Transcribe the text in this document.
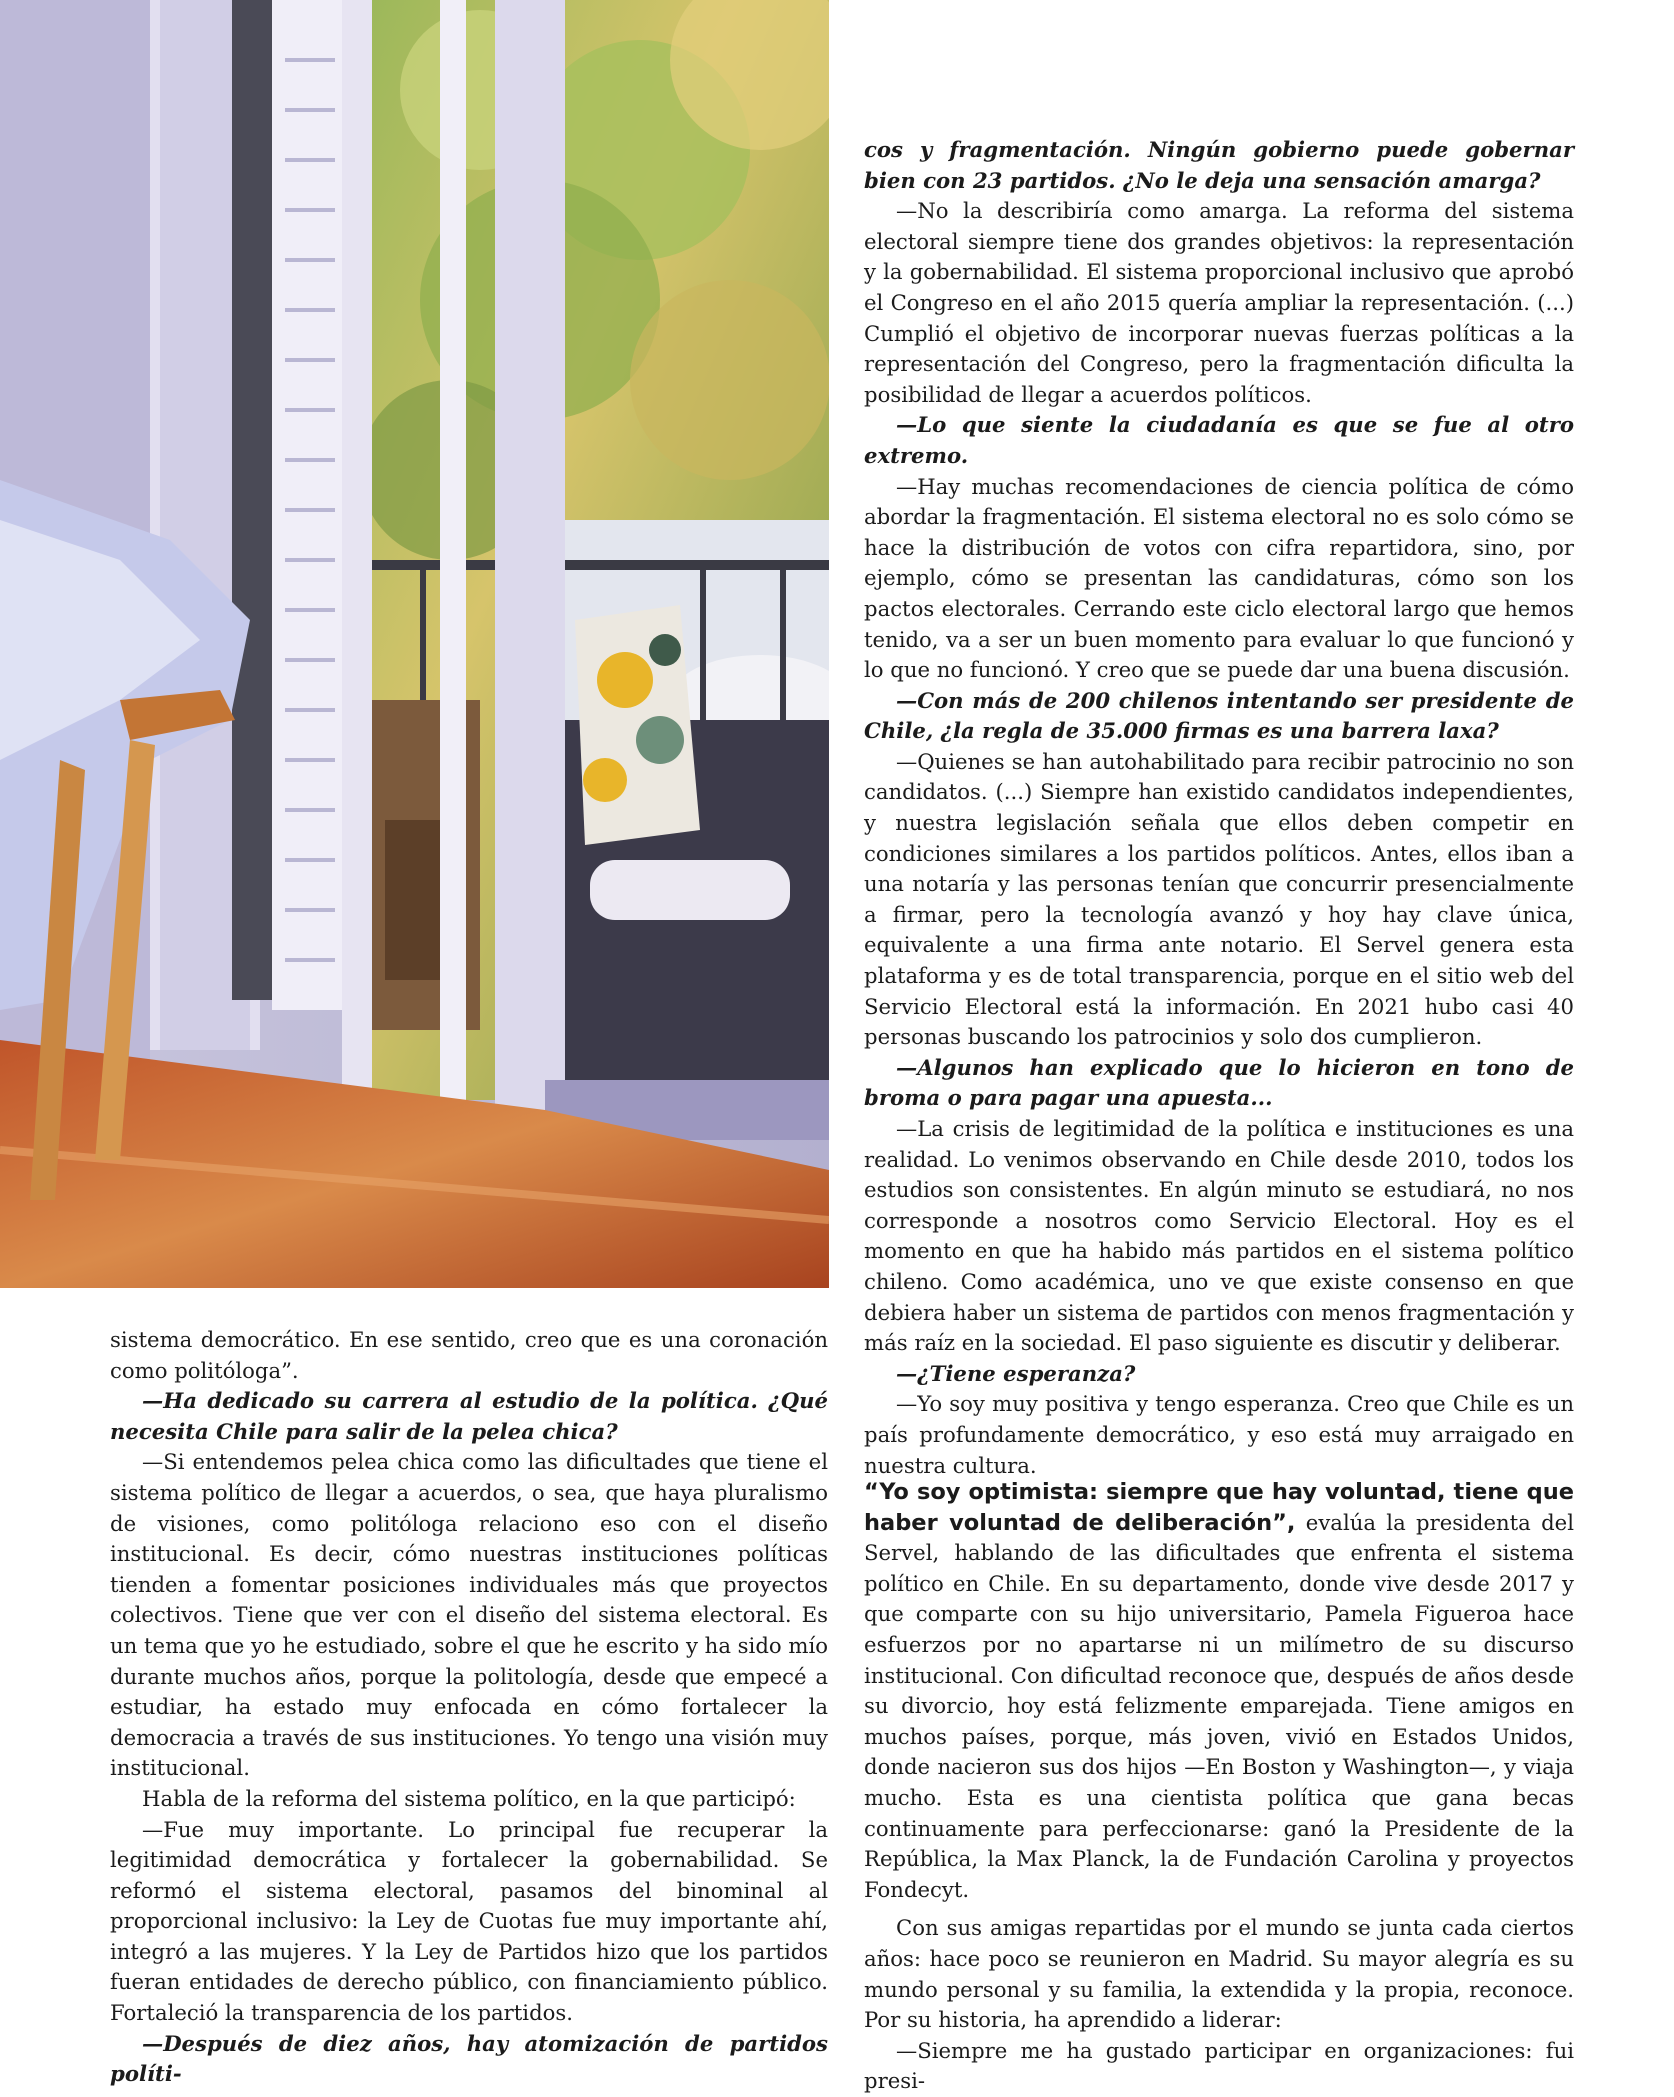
cos y fragmentación. Ningún gobierno puede gobernar bien con 23 partidos. ¿No le deja una sensación amarga?

—No la describiría como amarga. La reforma del sistema electoral siempre tiene dos grandes objetivos: la representación y la gobernabilidad. El sistema proporcional inclusivo que aprobó el Congreso en el año 2015 quería ampliar la representación. (...) Cumplió el objetivo de incorporar nuevas fuerzas políticas a la representación del Congreso, pero la fragmentación dificulta la posibilidad de llegar a acuerdos políticos.

—Lo que siente la ciudadanía es que se fue al otro extremo.

—Hay muchas recomendaciones de ciencia política de cómo abordar la fragmentación. El sistema electoral no es solo cómo se hace la distribución de votos con cifra repartidora, sino, por ejemplo, cómo se presentan las candidaturas, cómo son los pactos electorales. Cerrando este ciclo electoral largo que hemos tenido, va a ser un buen momento para evaluar lo que funcionó y lo que no funcionó. Y creo que se puede dar una buena discusión.

—Con más de 200 chilenos intentando ser presidente de Chile, ¿la regla de 35.000 firmas es una barrera laxa?

—Quienes se han autohabilitado para recibir patrocinio no son candidatos. (...) Siempre han existido candidatos independientes, y nuestra legislación señala que ellos deben competir en condiciones similares a los partidos políticos. Antes, ellos iban a una notaría y las personas tenían que concurrir presencialmente a firmar, pero la tecnología avanzó y hoy hay clave única, equivalente a una firma ante notario. El Servel genera esta plataforma y es de total transparencia, porque en el sitio web del Servicio Electoral está la información. En 2021 hubo casi 40 personas buscando los patrocinios y solo dos cumplieron.

—Algunos han explicado que lo hicieron en tono de broma o para pagar una apuesta...

—La crisis de legitimidad de la política e instituciones es una realidad. Lo venimos observando en Chile desde 2010, todos los estudios son consistentes. En algún minuto se estudiará, no nos corresponde a nosotros como Servicio Electoral. Hoy es el momento en que ha habido más partidos en el sistema político chileno. Como académica, uno ve que existe consenso en que debiera haber un sistema de partidos con menos fragmentación y más raíz en la sociedad. El paso siguiente es discutir y deliberar.

—¿Tiene esperanza?

—Yo soy muy positiva y tengo esperanza. Creo que Chile es un país profundamente democrático, y eso está muy arraigado en nuestra cultura.

sistema democrático. En ese sentido, creo que es una coronación como politóloga”.

—Ha dedicado su carrera al estudio de la política. ¿Qué necesita Chile para salir de la pelea chica?

—Si entendemos pelea chica como las dificultades que tiene el sistema político de llegar a acuerdos, o sea, que haya pluralismo de visiones, como politóloga relaciono eso con el diseño institucional. Es decir, cómo nuestras instituciones políticas tienden a fomentar posiciones individuales más que proyectos colectivos. Tiene que ver con el diseño del sistema electoral. Es un tema que yo he estudiado, sobre el que he escrito y ha sido mío durante muchos años, porque la politología, desde que empecé a estudiar, ha estado muy enfocada en cómo fortalecer la democracia a través de sus instituciones. Yo tengo una visión muy institucional.

Habla de la reforma del sistema político, en la que participó:

—Fue muy importante. Lo principal fue recuperar la legitimidad democrática y fortalecer la gobernabilidad. Se reformó el sistema electoral, pasamos del binominal al proporcional inclusivo: la Ley de Cuotas fue muy importante ahí, integró a las mujeres. Y la Ley de Partidos hizo que los partidos fueran entidades de derecho público, con financiamiento público. Fortaleció la transparencia de los partidos.

—Después de diez años, hay atomización de partidos políti-

“Yo soy optimista: siempre que hay voluntad, tiene que haber voluntad de deliberación”, evalúa la presidenta del Servel, hablando de las dificultades que enfrenta el sistema político en Chile. En su departamento, donde vive desde 2017 y que comparte con su hijo universitario, Pamela Figueroa hace esfuerzos por no apartarse ni un milímetro de su discurso institucional. Con dificultad reconoce que, después de años desde su divorcio, hoy está felizmente emparejada. Tiene amigos en muchos países, porque, más joven, vivió en Estados Unidos, donde nacieron sus dos hijos —En Boston y Washington—, y viaja mucho. Esta es una cientista política que gana becas continuamente para perfeccionarse: ganó la Presidente de la República, la Max Planck, la de Fundación Carolina y proyectos Fondecyt.

Con sus amigas repartidas por el mundo se junta cada ciertos años: hace poco se reunieron en Madrid. Su mayor alegría es su mundo personal y su familia, la extendida y la propia, reconoce. Por su historia, ha aprendido a liderar:

—Siempre me ha gustado participar en organizaciones: fui presi-
